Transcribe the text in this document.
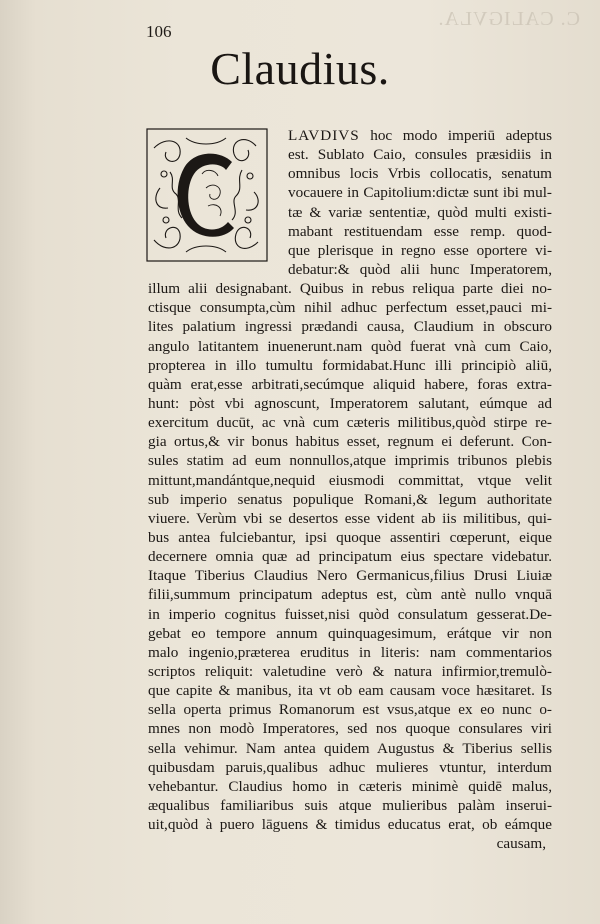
C. CALIGVLA.
106
Claudius.
LAVDIVS hoc modo imperiū adeptus
est. Sublato Caio, consules præsidiis in
omnibus locis Vrbis collocatis, senatum
vocauere in Capitolium:dictæ sunt ibi mul-
tæ & variæ sententiæ, quòd multi existi-
mabant restituendam esse remp. quod-
que plerisque in regno esse oportere vi-
debatur:& quòd alii hunc Imperatorem,
illum alii designabant. Quibus in rebus reliqua parte diei no-
ctisque consumpta,cùm nihil adhuc perfectum esset,pauci mi-
lites palatium ingressi prædandi causa, Claudium in obscuro
angulo latitantem inuenerunt.nam quòd fuerat vnà cum Caio,
propterea in illo tumultu formidabat.Hunc illi principiò aliū,
quàm erat,esse arbitrati,secúmque aliquid habere, foras extra-
hunt: pòst vbi agnoscunt, Imperatorem salutant, eúmque ad
exercitum ducūt, ac vnà cum cæteris militibus,quòd stirpe re-
gia ortus,& vir bonus habitus esset, regnum ei deferunt. Con-
sules statim ad eum nonnullos,atque imprimis tribunos plebis
mittunt,mandántque,nequid eiusmodi committat, vtque velit
sub imperio senatus populique Romani,& legum authoritate
viuere. Verùm vbi se desertos esse vident ab iis militibus, qui-
bus antea fulciebantur, ipsi quoque assentiri cœperunt, eique
decernere omnia quæ ad principatum eius spectare videbatur.
Itaque Tiberius Claudius Nero Germanicus,filius Drusi Liuiæ
filii,summum principatum adeptus est, cùm antè nullo vnquā
in imperio cognitus fuisset,nisi quòd consulatum gesserat.De-
gebat eo tempore annum quinquagesimum, erátque vir non
malo ingenio,præterea eruditus in literis: nam commentarios
scriptos reliquit: valetudine verò & natura infirmior,tremulò-
que capite & manibus, ita vt ob eam causam voce hæsitaret. Is
sella operta primus Romanorum est vsus,atque ex eo nunc o-
mnes non modò Imperatores, sed nos quoque consulares viri
sella vehimur. Nam antea quidem Augustus & Tiberius sellis
quibusdam paruis,qualibus adhuc mulieres vtuntur, interdum
vehebantur. Claudius homo in cæteris minimè quidē malus,
æqualibus familiaribus suis atque mulieribus palàm inserui-
uit,quòd à puero lāguens & timidus educatus erat, ob eámque
causam,
